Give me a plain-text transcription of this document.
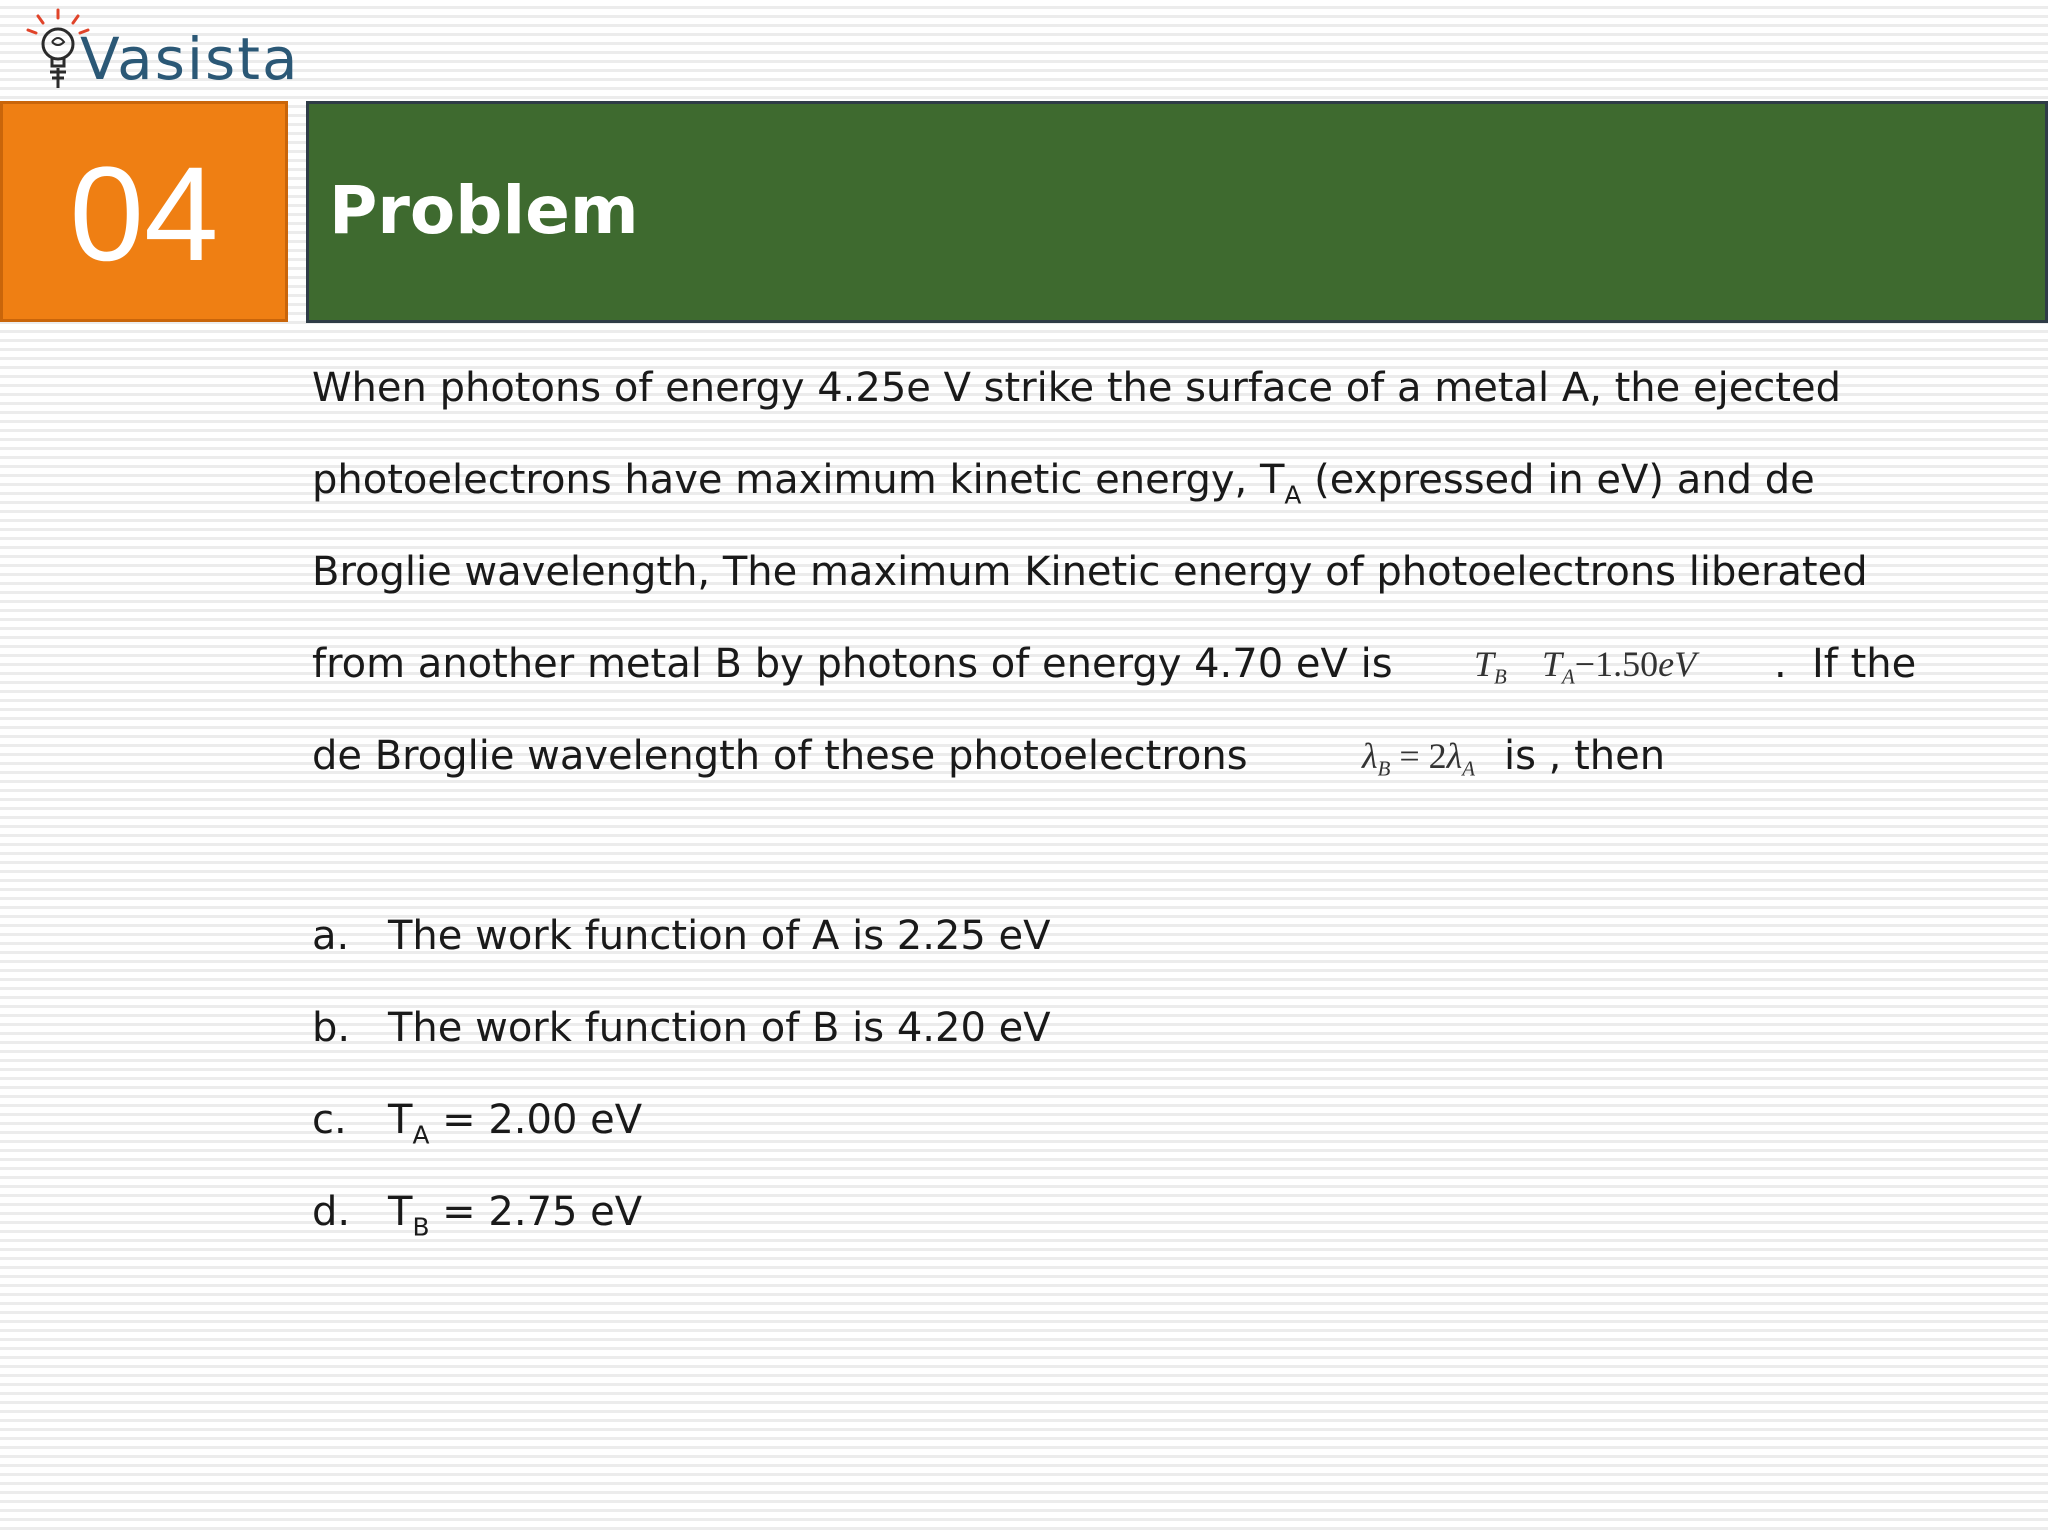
Vasista
04 Problem
When photons of energy 4.25e V strike the surface of a metal A, the ejected
photoelectrons have maximum kinetic energy, $T_A$ (expressed in eV) and de
Broglie wavelength, The maximum Kinetic energy of photoelectrons liberated
from another metal B by photons of energy 4.70 eV is $T_B$ $T_A-1.50eV$ . If the
de Broglie wavelength of these photoelectrons	$\lambda_B = 2\lambda_A$ is , then
a. The work function of A is 2.25 eV
b. The work function of B is 4.20 eV
c. $T_A = 2.00$ eV
d. $T_B = 2.75$ eV
